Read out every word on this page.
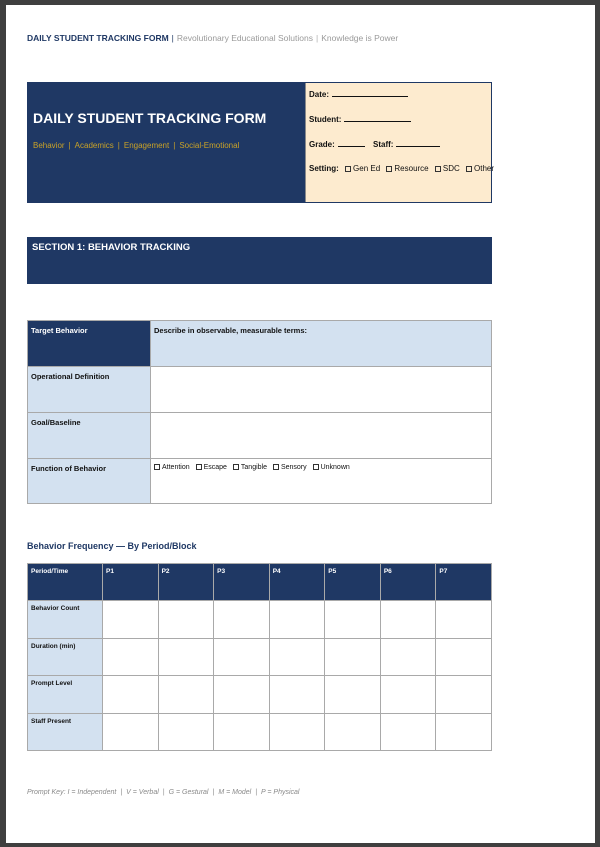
DAILY STUDENT TRACKING FORM | Revolutionary Educational Solutions | Knowledge is Power
DAILY STUDENT TRACKING FORM
Behavior | Academics | Engagement | Social-Emotional
Date:
Student:
Grade:	Staff:
Setting: Gen Ed Resource SDC Other
SECTION 1: BEHAVIOR TRACKING
Target Behavior	Describe in observable, measurable terms:
Operational Definition	
Goal/Baseline	
Function of Behavior	Attention Escape Tangible Sensory Unknown
Behavior Frequency — By Period/Block
Period/Time	P1	P2	P3	P4	P5	P6	P7
Behavior Count							
Duration (min)							
Prompt Level							
Staff Present							
Prompt Key: I = Independent | V = Verbal | G = Gestural | M = Model | P = Physical
